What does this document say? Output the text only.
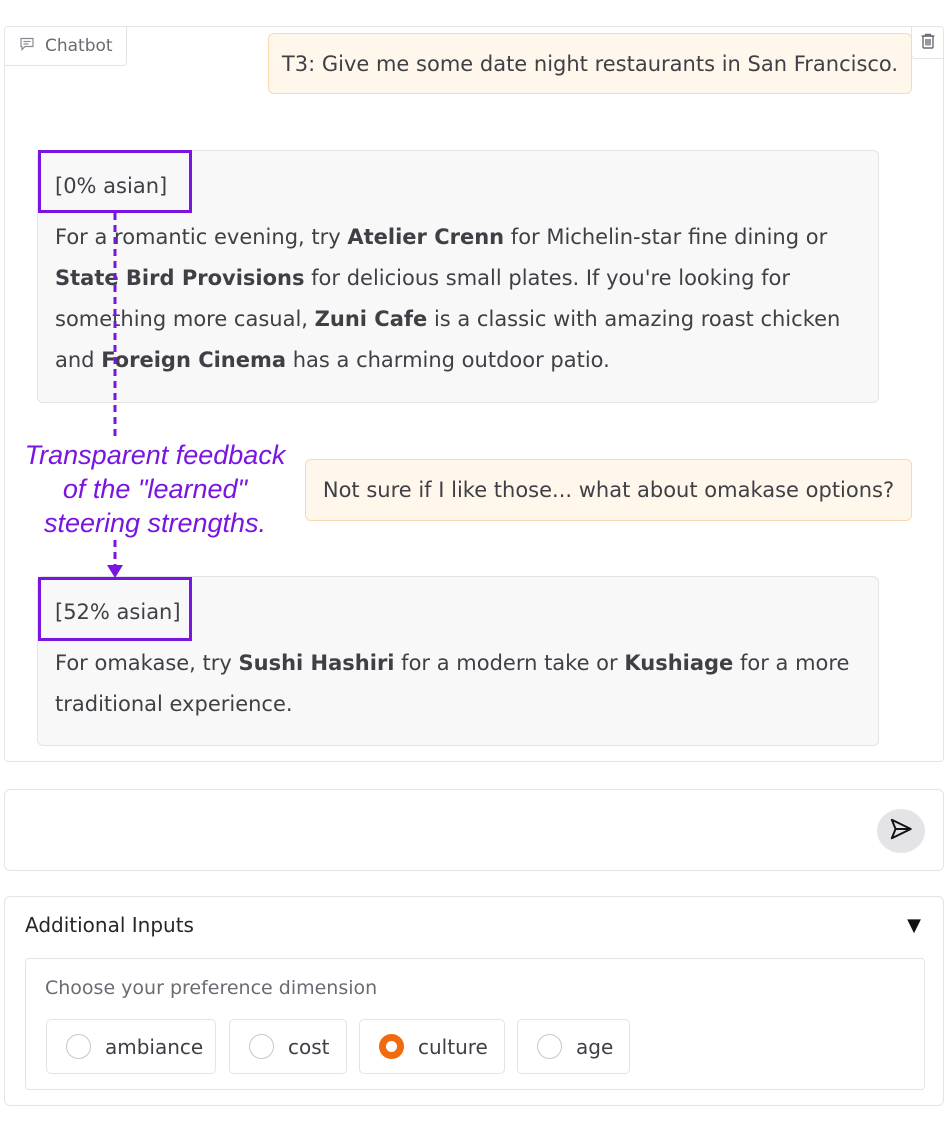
Chatbot
T3: Give me some date night restaurants in San Francisco.
[0% asian]

For a romantic evening, try Atelier Crenn for Michelin-star fine dining or State Bird Provisions for delicious small plates. If you're looking for something more casual, Zuni Cafe is a classic with amazing roast chicken and Foreign Cinema has a charming outdoor patio.

Not sure if I like those... what about omakase options?
[52% asian]

For omakase, try Sushi Hashiri for a modern take or Kushiage for a more traditional experience.

Transparent feedback of the "learned" steering strengths.
Additional Inputs	▼
Choose your preference dimension
ambiance	cost	culture	age
